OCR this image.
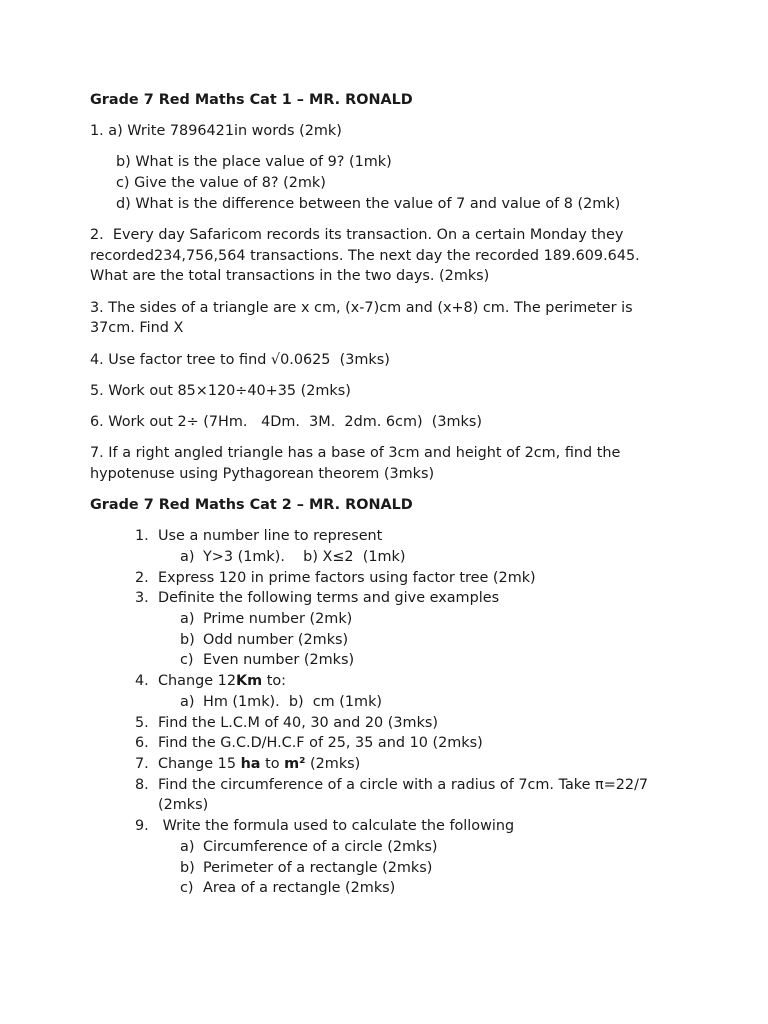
Grade 7 Red Maths Cat 1 – MR. RONALD
1. a) Write 7896421in words (2mk)
b) What is the place value of 9? (1mk)
c) Give the value of 8? (2mk)
d) What is the difference between the value of 7 and value of 8 (2mk)
2.  Every day Safaricom records its transaction. On a certain Monday they
recorded234,756,564 transactions. The next day the recorded 189.609.645.
What are the total transactions in the two days. (2mks)
3. The sides of a triangle are x cm, (x-7)cm and (x+8) cm. The perimeter is
37cm. Find X
4. Use factor tree to find √0.0625  (3mks)
5. Work out 85×120÷40+35 (2mks)
6. Work out 2÷ (7Hm.   4Dm.  3M.  2dm. 6cm)  (3mks)
7. If a right angled triangle has a base of 3cm and height of 2cm, find the
hypotenuse using Pythagorean theorem (3mks)
Grade 7 Red Maths Cat 2 – MR. RONALD
1. Use a number line to represent
a) Y>3 (1mk).    b) X≤2  (1mk)
2. Express 120 in prime factors using factor tree (2mk)
3. Definite the following terms and give examples
a) Prime number (2mk)
b) Odd number (2mks)
c) Even number (2mks)
4. Change 12Km to:
a) Hm (1mk).  b)  cm (1mk)
5. Find the L.C.M of 40, 30 and 20 (3mks)
6. Find the G.C.D/H.C.F of 25, 35 and 10 (2mks)
7. Change 15 ha to m² (2mks)
8. Find the circumference of a circle with a radius of 7cm. Take π=22/7 (2mks)
9. Write the formula used to calculate the following
a) Circumference of a circle (2mks)
b) Perimeter of a rectangle (2mks)
c) Area of a rectangle (2mks)
